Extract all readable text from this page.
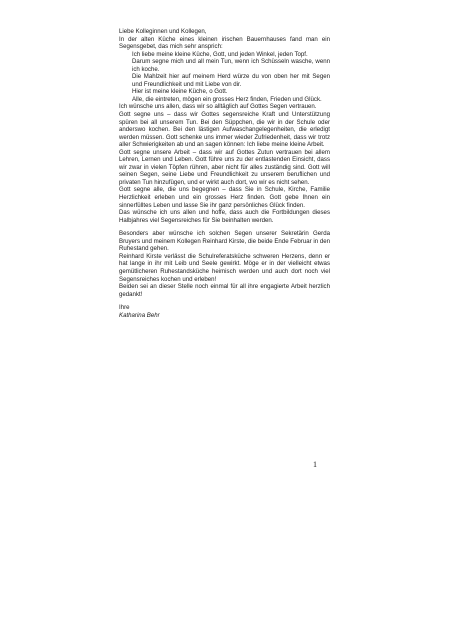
Liebe Kolleginnen und Kollegen,

In der alten Küche eines kleinen irischen Bauernhauses fand man ein Segensgebet, das mich sehr ansprich:

Ich liebe meine kleine Küche, Gott, und jeden Winkel, jeden Topf.

Darum segne mich und all mein Tun, wenn ich Schüsseln wasche, wenn ich koche.

Die Mahlzeit hier auf meinem Herd würze du von oben her mit Segen und Freundlichkeit und mit Liebe von dir.

Hier ist meine kleine Küche, o Gott.

Alle, die eintreten, mögen ein grosses Herz finden, Frieden und Glück.

Ich wünsche uns allen, dass wir so alltäglich auf Gottes Segen vertrauen.

Gott segne uns – dass wir Gottes segensreiche Kraft und Unterstützung spüren bei all unserem Tun. Bei den Süppchen, die wir in der Schule oder anderswo kochen. Bei den lästigen Aufwaschangelegenheiten, die erledigt werden müssen. Gott schenke uns immer wieder Zufriedenheit, dass wir trotz aller Schwierigkeiten ab und an sagen können: Ich liebe meine kleine Arbeit.

Gott segne unsere Arbeit – dass wir auf Gottes Zutun vertrauen bei allem Lehren, Lernen und Leben. Gott führe uns zu der entlastenden Einsicht, dass wir zwar in vielen Töpfen rühren, aber nicht für alles zuständig sind. Gott will seinen Segen, seine Liebe und Freundlichkeit zu unserem beruflichen und privaten Tun hinzufügen, und er wirkt auch dort, wo wir es nicht sehen.

Gott segne alle, die uns begegnen – dass Sie in Schule, Kirche, Familie Herzlichkeit erleben und ein grosses Herz finden. Gott gebe Ihnen ein sinnerfülltes Leben und lasse Sie ihr ganz persönliches Glück finden.

Das wünsche ich uns allen und hoffe, dass auch die Fortbildungen dieses Halbjahres viel Segensreiches für Sie beinhalten werden.

Besonders aber wünsche ich solchen Segen unserer Sekretärin Gerda Bruyers und meinem Kollegen Reinhard Kirste, die beide Ende Februar in den Ruhestand gehen.

Reinhard Kirste verlässt die Schulreferatsküche schweren Herzens, denn er hat lange in ihr mit Leib und Seele gewirkt. Möge er in der vielleicht etwas gemütlicheren Ruhestandsküche heimisch werden und auch dort noch viel Segensreiches kochen und erleben!

Beiden sei an dieser Stelle noch einmal für all ihre engagierte Arbeit herzlich gedankt!

Ihre

Katharina Behr

1
